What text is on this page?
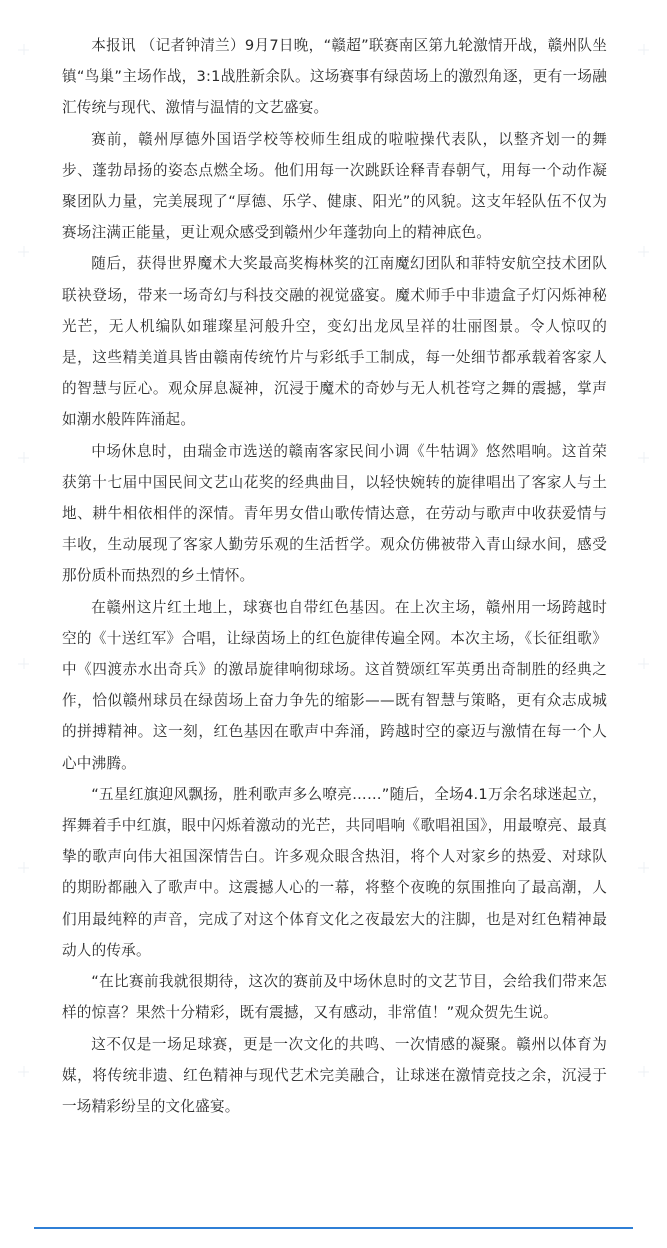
本报讯 （记者钟清兰）9月7日晚，“赣超”联赛南区第九轮激情开战，赣州队坐镇“鸟巢”主场作战，3:1战胜新余队。这场赛事有绿茵场上的激烈角逐，更有一场融汇传统与现代、激情与温情的文艺盛宴。

赛前，赣州厚德外国语学校等校师生组成的啦啦操代表队，以整齐划一的舞步、蓬勃昂扬的姿态点燃全场。他们用每一次跳跃诠释青春朝气，用每一个动作凝聚团队力量，完美展现了“厚德、乐学、健康、阳光”的风貌。这支年轻队伍不仅为赛场注满正能量，更让观众感受到赣州少年蓬勃向上的精神底色。

随后，获得世界魔术大奖最高奖梅林奖的江南魔幻团队和菲特安航空技术团队联袂登场，带来一场奇幻与科技交融的视觉盛宴。魔术师手中非遗盒子灯闪烁神秘光芒，无人机编队如璀璨星河般升空，变幻出龙凤呈祥的壮丽图景。令人惊叹的是，这些精美道具皆由赣南传统竹片与彩纸手工制成，每一处细节都承载着客家人的智慧与匠心。观众屏息凝神，沉浸于魔术的奇妙与无人机苍穹之舞的震撼，掌声如潮水般阵阵涌起。

中场休息时，由瑞金市选送的赣南客家民间小调《牛牯调》悠然唱响。这首荣获第十七届中国民间文艺山花奖的经典曲目，以轻快婉转的旋律唱出了客家人与土地、耕牛相依相伴的深情。青年男女借山歌传情达意，在劳动与歌声中收获爱情与丰收，生动展现了客家人勤劳乐观的生活哲学。观众仿佛被带入青山绿水间，感受那份质朴而热烈的乡土情怀。

在赣州这片红土地上，球赛也自带红色基因。在上次主场，赣州用一场跨越时空的《十送红军》合唱，让绿茵场上的红色旋律传遍全网。本次主场，《长征组歌》中《四渡赤水出奇兵》的激昂旋律响彻球场。这首赞颂红军英勇出奇制胜的经典之作，恰似赣州球员在绿茵场上奋力争先的缩影——既有智慧与策略，更有众志成城的拼搏精神。这一刻，红色基因在歌声中奔涌，跨越时空的豪迈与激情在每一个人心中沸腾。

“五星红旗迎风飘扬，胜利歌声多么嘹亮……”随后，全场4.1万余名球迷起立，挥舞着手中红旗，眼中闪烁着激动的光芒，共同唱响《歌唱祖国》，用最嘹亮、最真挚的歌声向伟大祖国深情告白。许多观众眼含热泪，将个人对家乡的热爱、对球队的期盼都融入了歌声中。这震撼人心的一幕，将整个夜晚的氛围推向了最高潮，人们用最纯粹的声音，完成了对这个体育文化之夜最宏大的注脚，也是对红色精神最动人的传承。

“在比赛前我就很期待，这次的赛前及中场休息时的文艺节目，会给我们带来怎样的惊喜？果然十分精彩，既有震撼，又有感动，非常值！”观众贺先生说。

这不仅是一场足球赛，更是一次文化的共鸣、一次情感的凝聚。赣州以体育为媒，将传统非遗、红色精神与现代艺术完美融合，让球迷在激情竞技之余，沉浸于一场精彩纷呈的文化盛宴。
